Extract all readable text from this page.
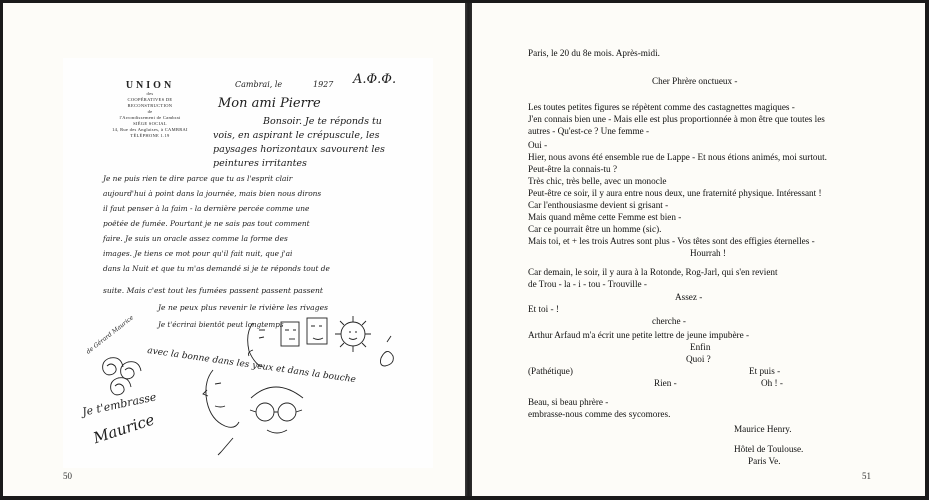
UNION
des
COOPÉRATIVES DE RECONSTRUCTION
de
l'Arrondissement de Cambrai
SIÈGE SOCIAL
14, Rue des Anglaises, à CAMBRAI
TÉLÉPHONE 1.19
Cambrai, le	1927 A.Φ.Φ.
Mon ami Pierre
Bonsoir. Je te réponds tu
vois, en aspirant le crépuscule, les
paysages horizontaux savourent les
peintures irritantes
Je ne puis rien te dire parce que tu as l'esprit clair
aujourd'hui à point dans la journée, mais bien nous dirons
il faut penser à la faim - la dernière percée comme une
poëtée de fumée. Pourtant je ne sais pas tout comment
faire. Je suis un oracle assez comme la forme des
images. Je tiens ce mot pour qu'il fait nuit, que j'ai
dans la Nuit et que tu m'as demandé si je te réponds tout de
suite. Mais c'est tout les fumées passent passent passent
Je ne peux plus revenir le rivière les rivages
Je t'écrirai bientôt peut longtemps
de Gérard Maurice
avec la bonne dans les yeux et dans la bouche
Je t'embrasse
Maurice
50
Paris, le 20 du 8e mois. Après-midi.
Cher Phrère onctueux -
Les toutes petites figures se répètent comme des castagnettes magiques -
J'en connais bien une - Mais elle est plus proportionnée à mon être que toutes les
autres - Qu'est-ce ? Une femme -
Oui -
Hier, nous avons été ensemble rue de Lappe - Et nous étions animés, moi surtout.
Peut-être la connais-tu ?
Très chic, très belle, avec un monocle
Peut-être ce soir, il y aura entre nous deux, une fraternité physique. Intéressant !
Car l'enthousiasme devient si grisant -
Mais quand même cette Femme est bien -
Car ce pourrait être un homme (sic).
Mais toi, et + les trois Autres sont plus - Vos têtes sont des effigies éternelles -
Hourrah !
Car demain, le soir, il y aura à la Rotonde, Rog-Jarl, qui s'en revient
de Trou - la - i - tou - Trouville -
Assez -
Et toi - !
cherche -
Arthur Arfaud m'a écrit une petite lettre de jeune impubère -
Enfin
Quoi ?
(Pathétique)	Et puis -
Rien -	Oh ! -
Beau, si beau phrère -
embrasse-nous comme des sycomores.
Maurice Henry.
Hôtel de Toulouse.
Paris Ve.
51
